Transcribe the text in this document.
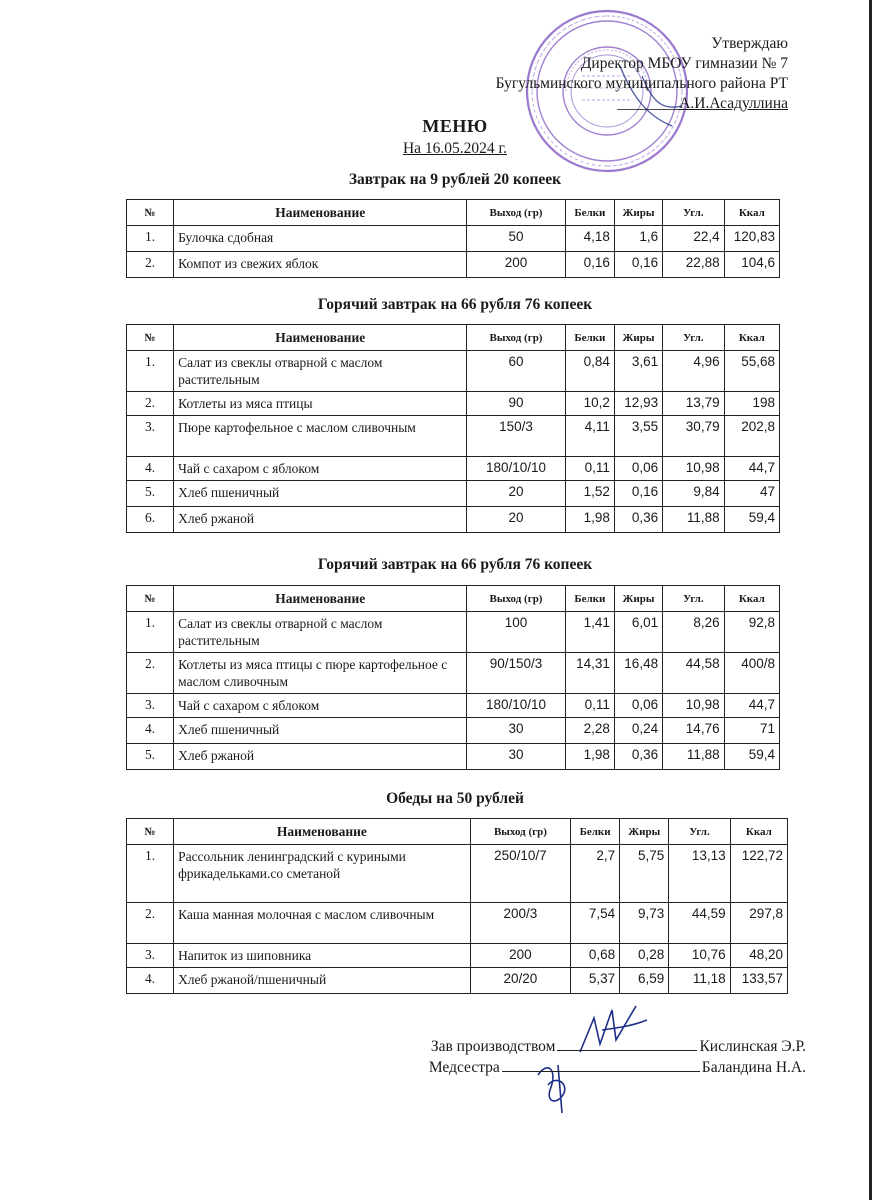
Утверждаю
Директор МБОУ гимназии № 7
Бугульминского муниципального района РТ
________А.И.Асадуллина
МЕНЮ
На 16.05.2024 г.
Завтрак на 9 рублей 20 копеек
№	Наименование	Выход (гр)	Белки	Жиры	Угл.	Ккал
1.	Булочка сдобная	50	4,18	1,6	22,4	120,83
2.	Компот из свежих яблок	200	0,16	0,16	22,88	104,6
Горячий завтрак на 66 рубля 76 копеек
№	Наименование	Выход (гр)	Белки	Жиры	Угл.	Ккал
1.	Салат из свеклы отварной с маслом растительным	60	0,84	3,61	4,96	55,68
2.	Котлеты из мяса птицы	90	10,2	12,93	13,79	198
3.	Пюре картофельное с маслом сливочным	150/3	4,11	3,55	30,79	202,8
4.	Чай с сахаром с яблоком	180/10/10	0,11	0,06	10,98	44,7
5.	Хлеб пшеничный	20	1,52	0,16	9,84	47
6.	Хлеб ржаной	20	1,98	0,36	11,88	59,4
Горячий завтрак на 66 рубля 76 копеек
№	Наименование	Выход (гр)	Белки	Жиры	Угл.	Ккал
1.	Салат из свеклы отварной с маслом растительным	100	1,41	6,01	8,26	92,8
2.	Котлеты из мяса птицы с пюре картофельное с маслом сливочным	90/150/3	14,31	16,48	44,58	400/8
3.	Чай с сахаром с яблоком	180/10/10	0,11	0,06	10,98	44,7
4.	Хлеб пшеничный	30	2,28	0,24	14,76	71
5.	Хлеб ржаной	30	1,98	0,36	11,88	59,4
Обеды на 50 рублей
№	Наименование	Выход (гр)	Белки	Жиры	Угл.	Ккал
1.	Рассольник ленинградский с куриными фрикадельками.со сметаной	250/10/7	2,7	5,75	13,13	122,72
2.	Каша манная молочная с маслом сливочным	200/3	7,54	9,73	44,59	297,8
3.	Напиток из шиповника	200	0,68	0,28	10,76	48,20
4.	Хлеб ржаной/пшеничный	20/20	5,37	6,59	11,18	133,57
Зав производством	Кислинская Э.Р.
Медсестра	Баландина Н.А.
